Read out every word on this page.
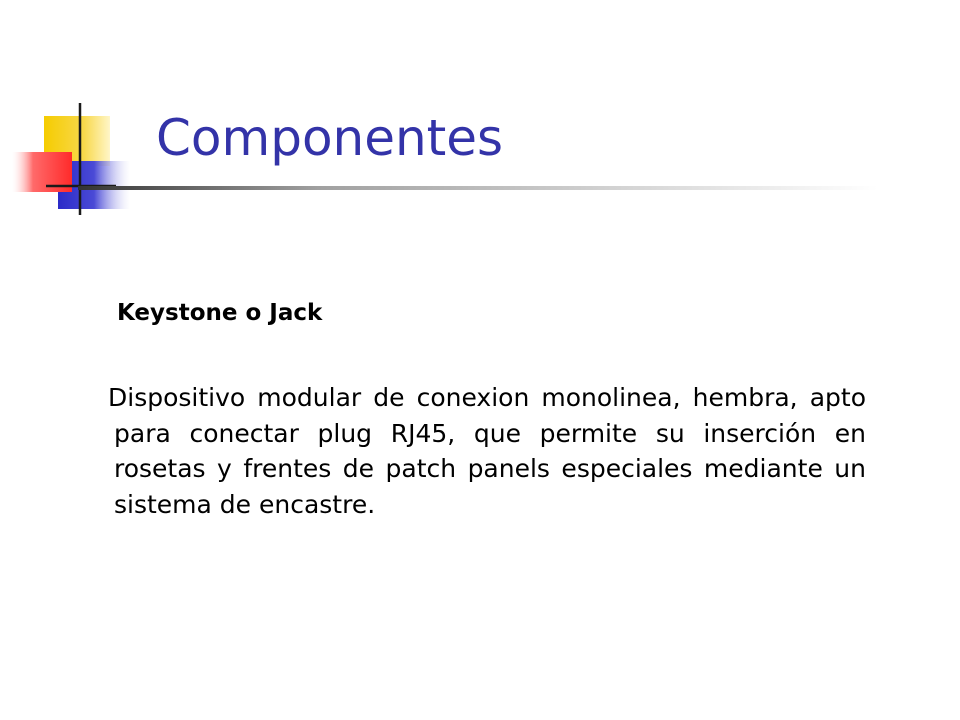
Componentes

Keystone o Jack

Dispositivo modular de conexion monolinea, hembra, apto para conectar plug RJ45, que permite su inserción en rosetas y frentes de patch panels especiales mediante un sistema de encastre.
